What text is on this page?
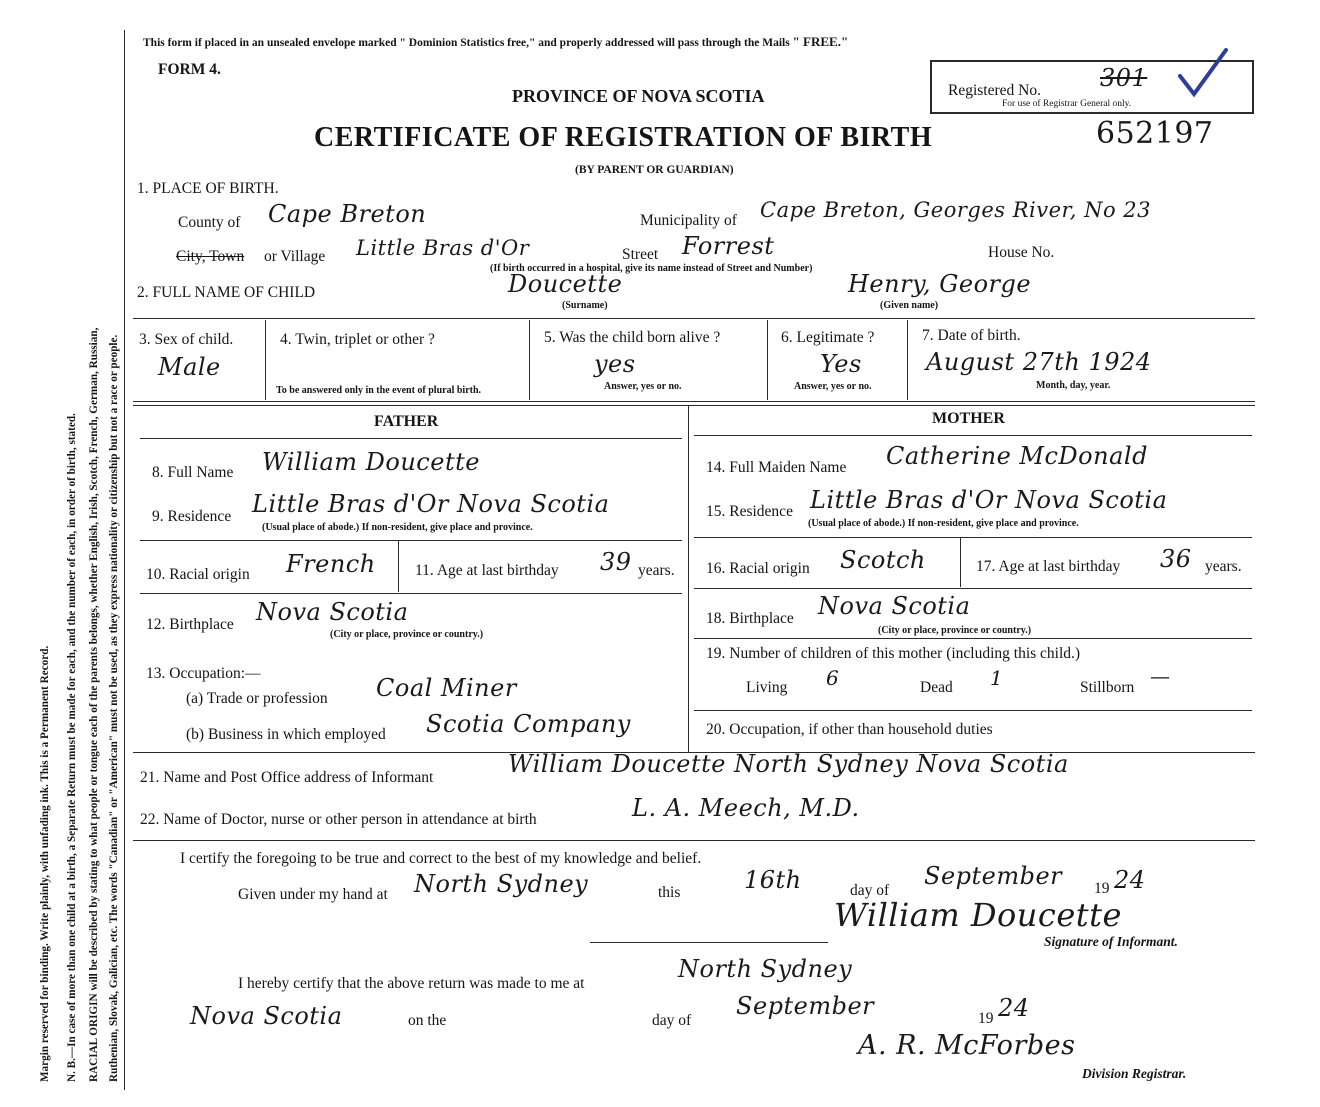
Margin reserved for binding. Write plainly, with unfading ink. This is a Permanent Record. N. B.—In case of more than one child at a birth, a Separate Return must be made for each, and the number of each, in order of birth, stated. RACIAL ORIGIN will be described by stating to what people or tongue each of the parents belongs, whether English, Irish, Scotch, French, German, Russian, Ruthenian, Slovak, Galician, etc. The words "Canadian" or "American" must not be used, as they express nationality or citizenship but not a race or people.
This form if placed in an unsealed envelope marked " Dominion Statistics free," and properly addressed will pass through the Mails " FREE."
FORM 4.
PROVINCE OF NOVA SCOTIA
CERTIFICATE OF REGISTRATION OF BIRTH
(BY PARENT OR GUARDIAN)
Registered No. 301
For use of Registrar General only.
652197
1. PLACE OF BIRTH.
County of Cape Breton	Municipality of Cape Breton, Georges River, No 23
City, Town or Village Little Bras d'Or	Street Forrest	House No.
(If birth occurred in a hospital, give its name instead of Street and Number)
2. FULL NAME OF CHILD	Doucette
(Surname)
Henry, George
(Given name)
3. Sex of child.
Male
4. Twin, triplet or other ?
To be answered only in the event of plural birth.
5. Was the child born alive ?
yes
Answer, yes or no.
6. Legitimate ?
Yes
Answer, yes or no.
7. Date of birth.
August 27th 1924
Month, day, year.
FATHER
8. Full Name William Doucette
9. Residence Little Bras d'Or Nova Scotia
(Usual place of abode.) If non-resident, give place and province.
10. Racial origin French	11. Age at last birthday 39 years.
12. Birthplace Nova Scotia
(City or place, province or country.)
13. Occupation:—
(a) Trade or profession Coal Miner
(b) Business in which employed Scotia Company
MOTHER
14. Full Maiden Name Catherine McDonald
15. Residence Little Bras d'Or Nova Scotia
(Usual place of abode.) If non-resident, give place and province.
16. Racial origin Scotch	17. Age at last birthday 36 years.
18. Birthplace Nova Scotia
(City or place, province or country.)
19. Number of children of this mother (including this child.)
Living 6	Dead 1	Stillborn —
20. Occupation, if other than household duties
21. Name and Post Office address of Informant	William Doucette North Sydney Nova Scotia
22. Name of Doctor, nurse or other person in attendance at birth	L. A. Meech, M.D.
I certify the foregoing to be true and correct to the best of my knowledge and belief.
Given under my hand at North Sydney	this	16th	day of
September 19 24
William Doucette
Signature of Informant.
I hereby certify that the above return was made to me at
North Sydney
Nova Scotia	on the	day of
September	19 24
A. R. McForbes
Division Registrar.
